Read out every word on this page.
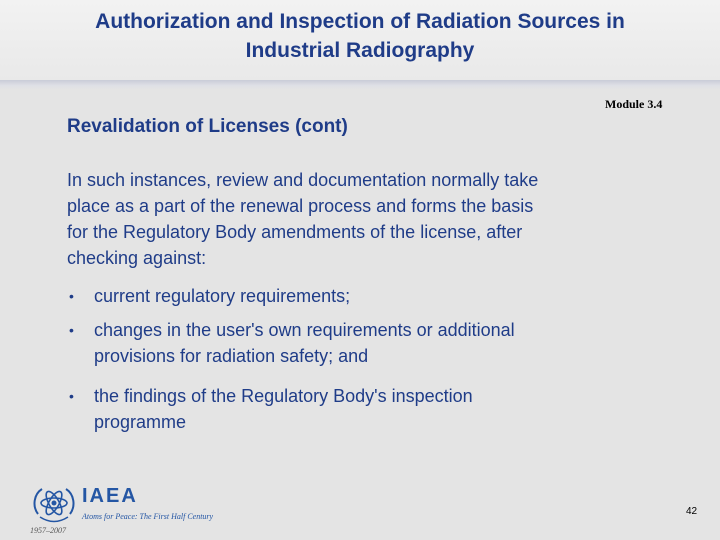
Authorization and Inspection of Radiation Sources in
Industrial Radiography
Module 3.4
Revalidation of Licenses (cont)
In such instances, review and documentation normally take
place as a part of the renewal process and forms the basis
for the Regulatory Body amendments of the license, after
checking against:
• current regulatory requirements;
• changes in the user's own requirements or additional
provisions for radiation safety; and
• the findings of the Regulatory Body's inspection
programme
IAEA
Atoms for Peace: The First Half Century
1957–2007
42
